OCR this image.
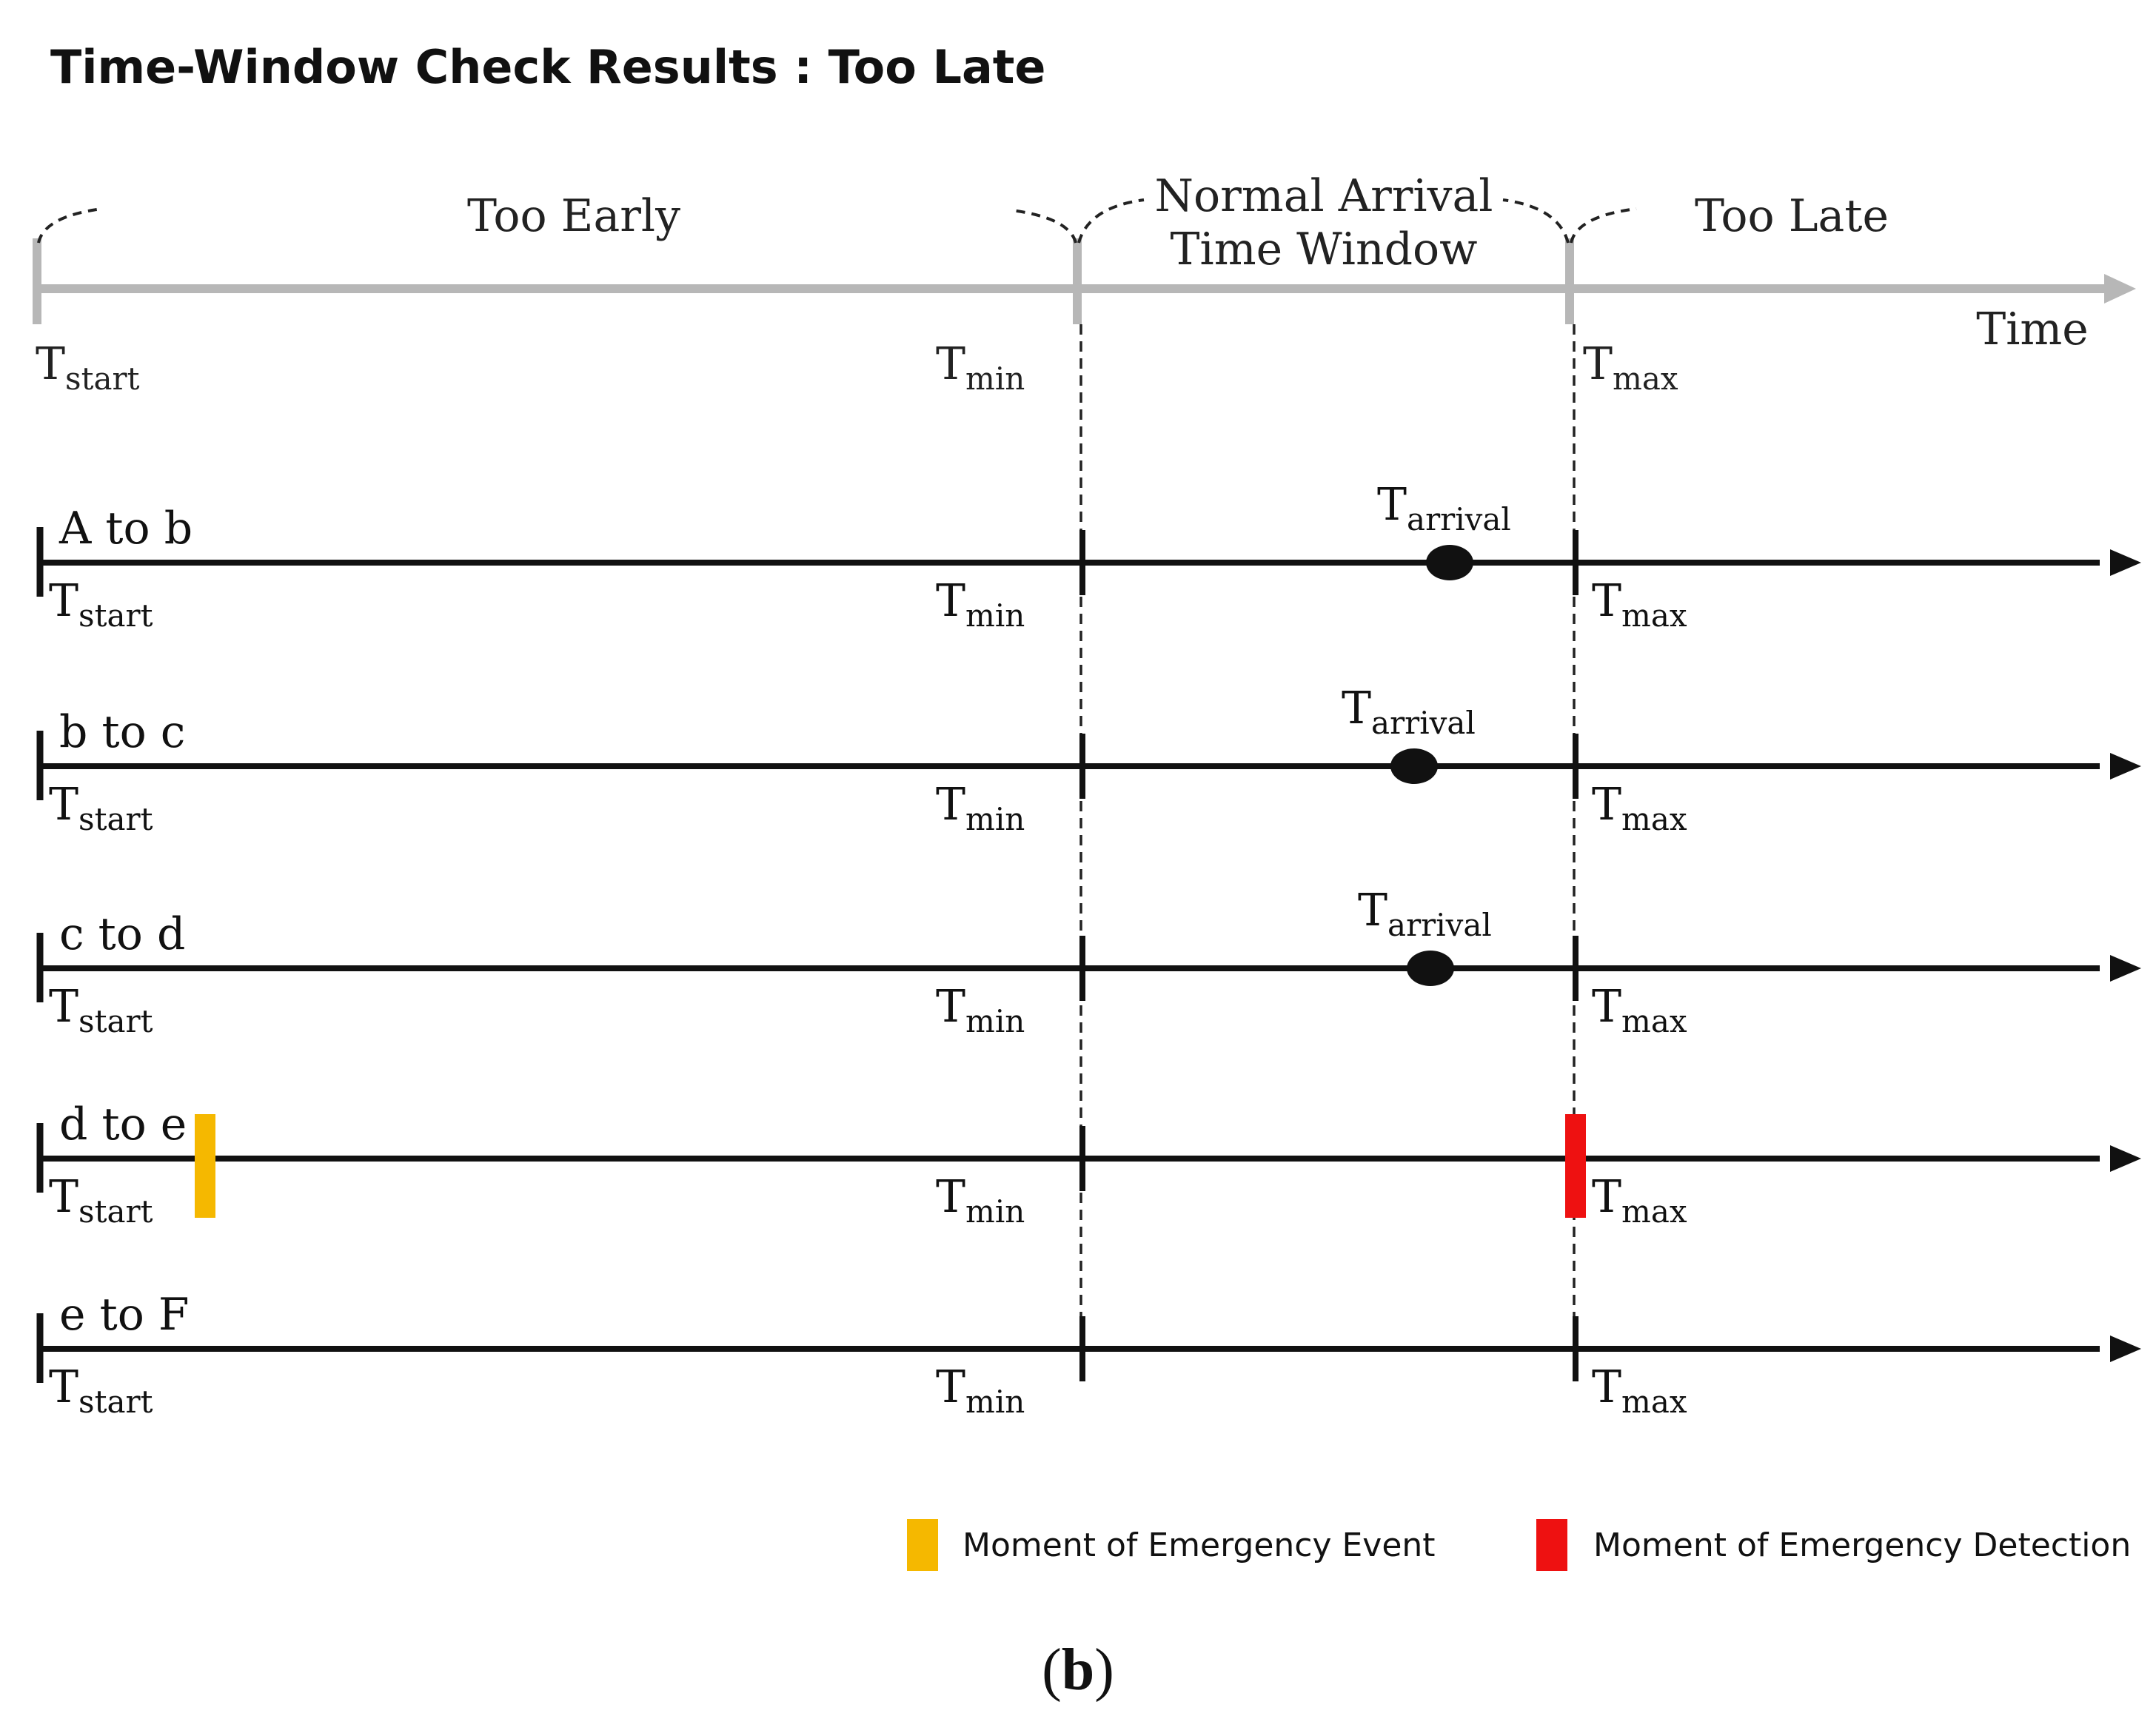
Time-Window Check Results : Too Late
Too Early	Normal Arrival
Time Window
Too Late
Time
$T_{start}$	$T_{min}$	$T_{max}$
A to b
$T_{start}$	$T_{min}$	$T_{max}$
$T_{arrival}$
b to c
$T_{start}$	$T_{min}$	$T_{max}$
$T_{arrival}$
c to d
$T_{start}$	$T_{min}$	$T_{max}$
$T_{arrival}$
d to e
$T_{start}$	$T_{min}$	$T_{max}$
e to F
$T_{start}$	$T_{min}$	$T_{max}$
Moment of Emergency Event	Moment of Emergency Detection
(b)
